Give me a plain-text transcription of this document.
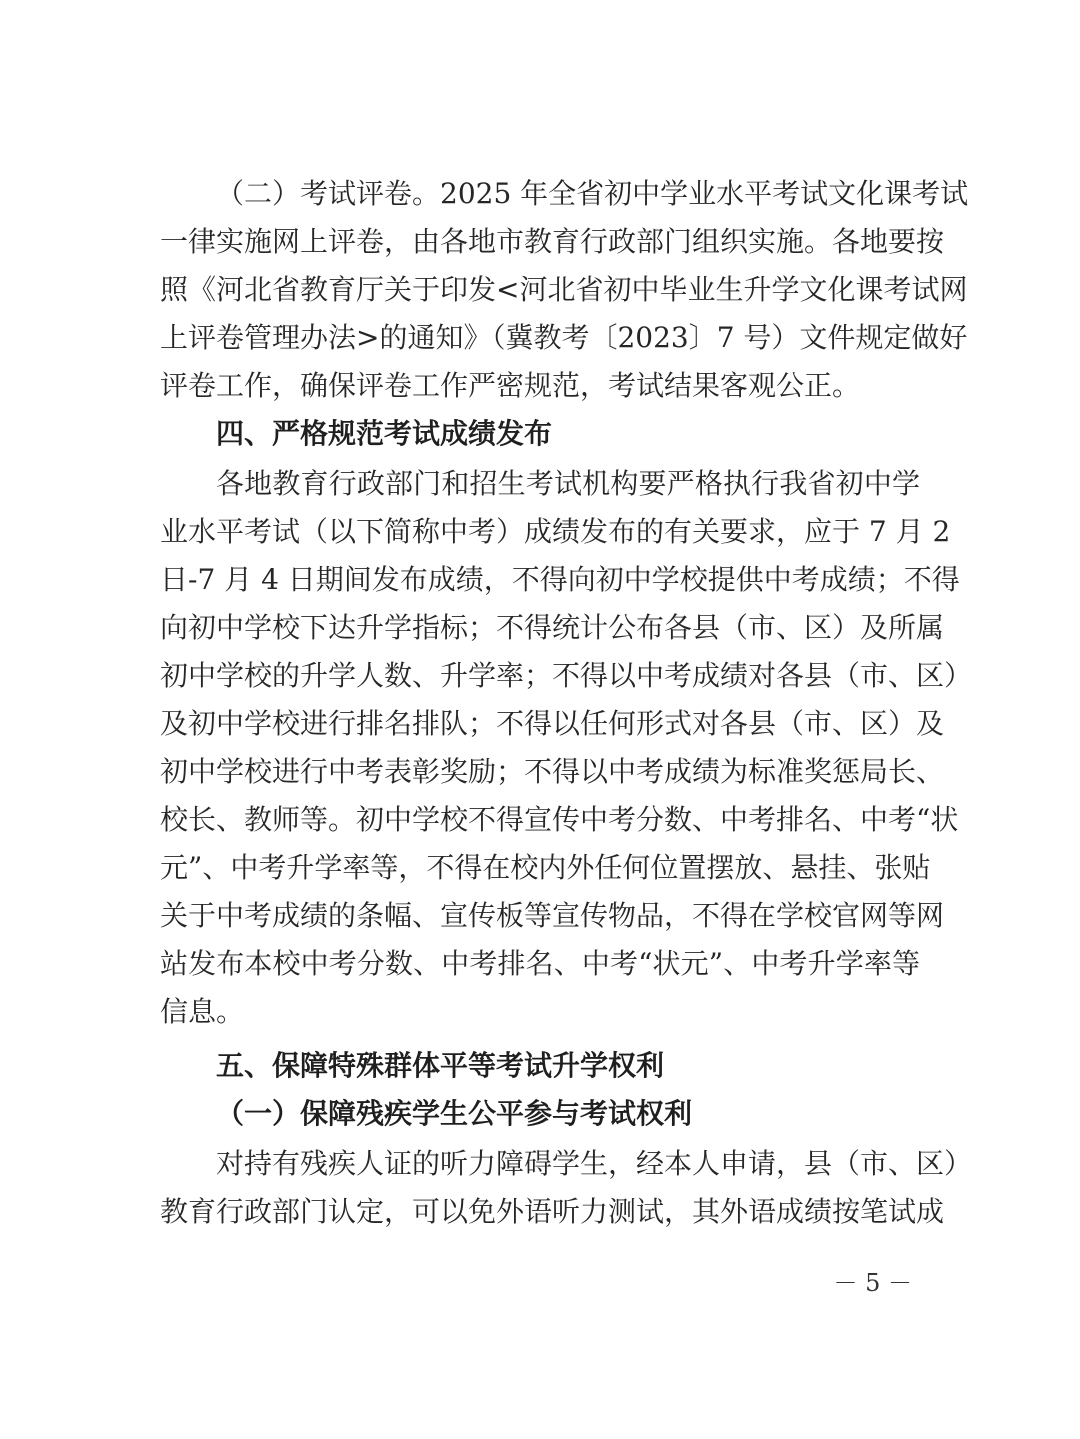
（二）考试评卷。2025 年全省初中学业水平考试文化课考试
一律实施网上评卷，由各地市教育行政部门组织实施。各地要按
照《河北省教育厅关于印发<河北省初中毕业生升学文化课考试网
上评卷管理办法>的通知》（冀教考〔2023〕7 号）文件规定做好
评卷工作，确保评卷工作严密规范，考试结果客观公正。
四、严格规范考试成绩发布
各地教育行政部门和招生考试机构要严格执行我省初中学
业水平考试（以下简称中考）成绩发布的有关要求，应于 7 月 2
日-7 月 4 日期间发布成绩，不得向初中学校提供中考成绩；不得
向初中学校下达升学指标；不得统计公布各县（市、区）及所属
初中学校的升学人数、升学率；不得以中考成绩对各县（市、区）
及初中学校进行排名排队；不得以任何形式对各县（市、区）及
初中学校进行中考表彰奖励；不得以中考成绩为标准奖惩局长、
校长、教师等。初中学校不得宣传中考分数、中考排名、中考“状
元”、中考升学率等，不得在校内外任何位置摆放、悬挂、张贴
关于中考成绩的条幅、宣传板等宣传物品，不得在学校官网等网
站发布本校中考分数、中考排名、中考“状元”、中考升学率等
信息。
五、保障特殊群体平等考试升学权利
（一）保障残疾学生公平参与考试权利
对持有残疾人证的听力障碍学生，经本人申请，县（市、区）
教育行政部门认定，可以免外语听力测试，其外语成绩按笔试成
－ 5 －
